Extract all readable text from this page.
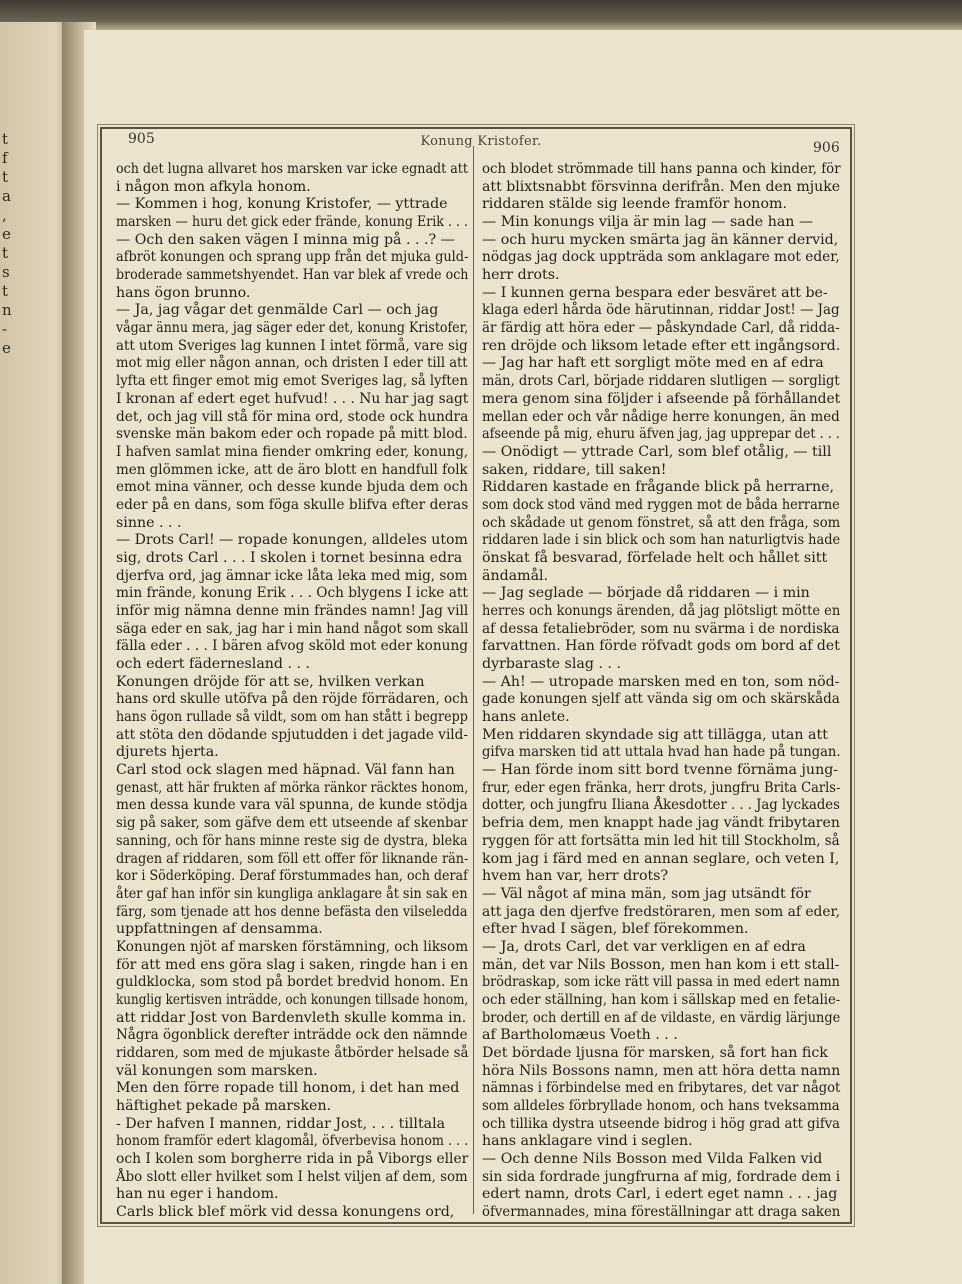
t
f
t
a
,
e
t
s
t
n
-
e
905	Konung Kristofer.	906
och det lugna allvaret hos marsken var icke egnadt att
i någon mon afkyla honom.
— Kommen i hog, konung Kristofer, — yttrade
marsken — huru det gick eder frände, konung Erik . . .
— Och den saken vägen I minna mig på . . .? —
afbröt konungen och sprang upp från det mjuka guld-
broderade sammetshyendet. Han var blek af vrede och
hans ögon brunno.
— Ja, jag vågar det genmälde Carl — och jag
vågar ännu mera, jag säger eder det, konung Kristofer,
att utom Sveriges lag kunnen I intet förmå, vare sig
mot mig eller någon annan, och dristen I eder till att
lyfta ett finger emot mig emot Sveriges lag, så lyften
I kronan af edert eget hufvud! . . . Nu har jag sagt
det, och jag vill stå för mina ord, stode ock hundra
svenske män bakom eder och ropade på mitt blod.
I hafven samlat mina fiender omkring eder, konung,
men glömmen icke, att de äro blott en handfull folk
emot mina vänner, och desse kunde bjuda dem och
eder på en dans, som föga skulle blifva efter deras
sinne . . .
— Drots Carl! — ropade konungen, alldeles utom
sig, drots Carl . . . I skolen i tornet besinna edra
djerfva ord, jag ämnar icke låta leka med mig, som
min frände, konung Erik . . . Och blygens I icke att
inför mig nämna denne min frändes namn! Jag vill
säga eder en sak, jag har i min hand något som skall
fälla eder . . . I bären afvog sköld mot eder konung
och edert fädernesland . . .
Konungen dröjde för att se, hvilken verkan
hans ord skulle utöfva på den röjde förrädaren, och
hans ögon rullade så vildt, som om han stått i begrepp
att stöta den dödande spjutudden i det jagade vild-
djurets hjerta.
Carl stod ock slagen med häpnad. Väl fann han
genast, att här frukten af mörka ränkor räcktes honom,
men dessa kunde vara väl spunna, de kunde stödja
sig på saker, som gäfve dem ett utseende af skenbar
sanning, och för hans minne reste sig de dystra, bleka
dragen af riddaren, som föll ett offer för liknande rän-
kor i Söderköping. Deraf förstummades han, och deraf
åter gaf han inför sin kungliga anklagare åt sin sak en
färg, som tjenade att hos denne befästa den vilseledda
uppfattningen af densamma.
Konungen njöt af marsken förstämning, och liksom
för att med ens göra slag i saken, ringde han i en
guldklocka, som stod på bordet bredvid honom. En
kunglig kertisven inträdde, och konungen tillsade honom,
att riddar Jost von Bardenvleth skulle komma in.
Några ögonblick derefter inträdde ock den nämnde
riddaren, som med de mjukaste åtbörder helsade så
väl konungen som marsken.
Men den förre ropade till honom, i det han med
häftighet pekade på marsken.
- Der hafven I mannen, riddar Jost, . . . tilltala
honom framför edert klagomål, öfverbevisa honom . . .
och I kolen som borgherre rida in på Viborgs eller
Åbo slott eller hvilket som I helst viljen af dem, som
han nu eger i handom.
Carls blick blef mörk vid dessa konungens ord,
och blodet strömmade till hans panna och kinder, för
att blixtsnabbt försvinna derifrån. Men den mjuke
riddaren stälde sig leende framför honom.
— Min konungs vilja är min lag — sade han —
— och huru mycken smärta jag än känner dervid,
nödgas jag dock uppträda som anklagare mot eder,
herr drots.
— I kunnen gerna bespara eder besväret att be-
klaga ederl hårda öde härutinnan, riddar Jost! — Jag
är färdig att höra eder — påskyndade Carl, då ridda-
ren dröjde och liksom letade efter ett ingångsord.
— Jag har haft ett sorgligt möte med en af edra
män, drots Carl, började riddaren slutligen — sorgligt
mera genom sina följder i afseende på förhållandet
mellan eder och vår nådige herre konungen, än med
afseende på mig, ehuru äfven jag, jag upprepar det . . .
— Onödigt — yttrade Carl, som blef otålig, — till
saken, riddare, till saken!
Riddaren kastade en frågande blick på herrarne,
som dock stod vänd med ryggen mot de båda herrarne
och skådade ut genom fönstret, så att den fråga, som
riddaren lade i sin blick och som han naturligtvis hade
önskat få besvarad, förfelade helt och hållet sitt
ändamål.
— Jag seglade — började då riddaren — i min
herres och konungs ärenden, då jag plötsligt mötte en
af dessa fetaliebröder, som nu svärma i de nordiska
farvattnen. Han förde röfvadt gods om bord af det
dyrbaraste slag . . .
— Ah! — utropade marsken med en ton, som nöd-
gade konungen sjelf att vända sig om och skärskåda
hans anlete.
Men riddaren skyndade sig att tillägga, utan att
gifva marsken tid att uttala hvad han hade på tungan.
— Han förde inom sitt bord tvenne förnäma jung-
frur, eder egen fränka, herr drots, jungfru Brita Carls-
dotter, och jungfru Iliana Åkesdotter . . . Jag lyckades
befria dem, men knappt hade jag vändt fribytaren
ryggen för att fortsätta min led hit till Stockholm, så
kom jag i färd med en annan seglare, och veten I,
hvem han var, herr drots?
— Väl något af mina män, som jag utsändt för
att jaga den djerfve fredstöraren, men som af eder,
efter hvad I sägen, blef förekommen.
— Ja, drots Carl, det var verkligen en af edra
män, det var Nils Bosson, men han kom i ett stall-
brödraskap, som icke rätt vill passa in med edert namn
och eder ställning, han kom i sällskap med en fetalie-
broder, och dertill en af de vildaste, en värdig lärjunge
af Bartholomæus Voeth . . .
Det bördade ljusna för marsken, så fort han fick
höra Nils Bossons namn, men att höra detta namn
nämnas i förbindelse med en fribytares, det var något
som alldeles förbryllade honom, och hans tveksamma
och tillika dystra utseende bidrog i hög grad att gifva
hans anklagare vind i seglen.
— Och denne Nils Bosson med Vilda Falken vid
sin sida fordrade jungfrurna af mig, fordrade dem i
edert namn, drots Carl, i edert eget namn . . . jag
öfvermannades, mina föreställningar att draga saken
